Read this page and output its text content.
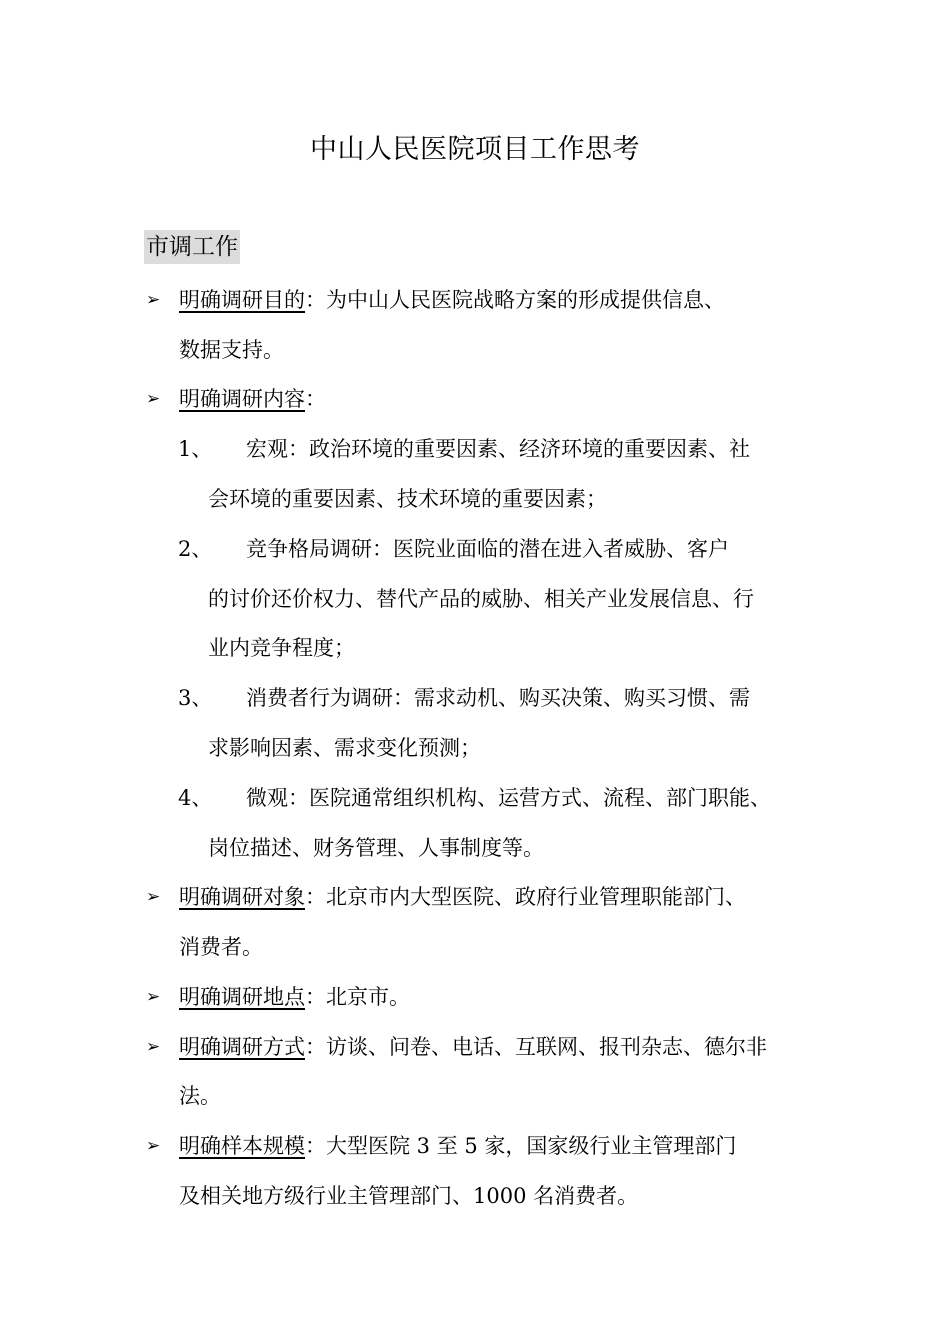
中山人民医院项目工作思考
市调工作
➢ 明确调研目的：为中山人民医院战略方案的形成提供信息、
数据支持。
➢ 明确调研内容：
1、 宏观：政治环境的重要因素、经济环境的重要因素、社
会环境的重要因素、技术环境的重要因素；
2、 竞争格局调研：医院业面临的潜在进入者威胁、客户
的讨价还价权力、替代产品的威胁、相关产业发展信息、行
业内竞争程度；
3、 消费者行为调研：需求动机、购买决策、购买习惯、需
求影响因素、需求变化预测；
4、 微观：医院通常组织机构、运营方式、流程、部门职能、
岗位描述、财务管理、人事制度等。
➢ 明确调研对象：北京市内大型医院、政府行业管理职能部门、
消费者。
➢ 明确调研地点：北京市。
➢ 明确调研方式：访谈、问卷、电话、互联网、报刊杂志、德尔非
法。
➢ 明确样本规模：大型医院 3 至 5 家，国家级行业主管理部门
及相关地方级行业主管理部门、1000 名消费者。
